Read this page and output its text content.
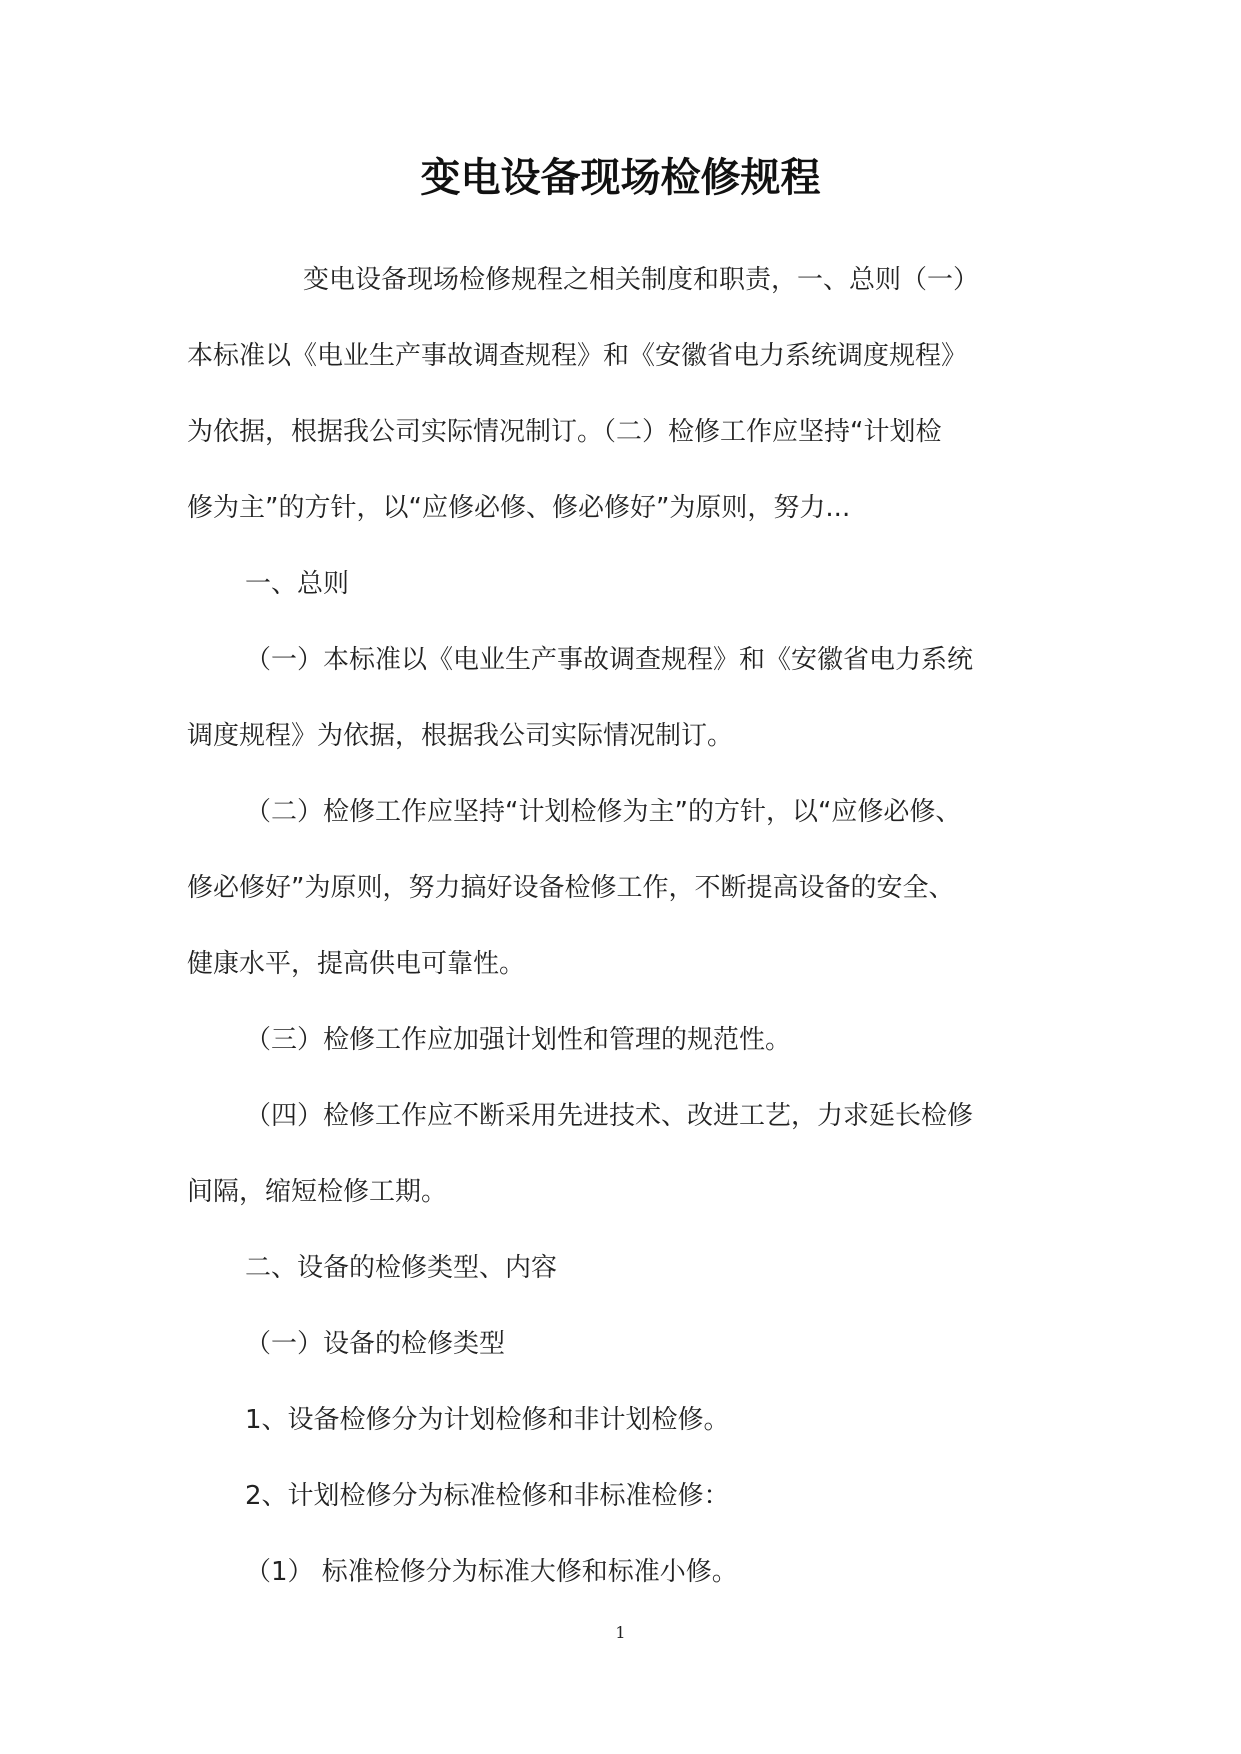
变电设备现场检修规程
变电设备现场检修规程之相关制度和职责，一、总则（一）
本标准以《电业生产事故调查规程》和《安徽省电力系统调度规程》
为依据，根据我公司实际情况制订。（二）检修工作应坚持“计划检
修为主”的方针，以“应修必修、修必修好”为原则，努力...
一、总则
（一）本标准以《电业生产事故调查规程》和《安徽省电力系统
调度规程》为依据，根据我公司实际情况制订。
（二）检修工作应坚持“计划检修为主”的方针，以“应修必修、
修必修好”为原则，努力搞好设备检修工作，不断提高设备的安全、
健康水平，提高供电可靠性。
（三）检修工作应加强计划性和管理的规范性。
（四）检修工作应不断采用先进技术、改进工艺，力求延长检修
间隔，缩短检修工期。
二、设备的检修类型、内容
（一）设备的检修类型
1、设备检修分为计划检修和非计划检修。
2、计划检修分为标准检修和非标准检修：
（1） 标准检修分为标准大修和标准小修。
1
